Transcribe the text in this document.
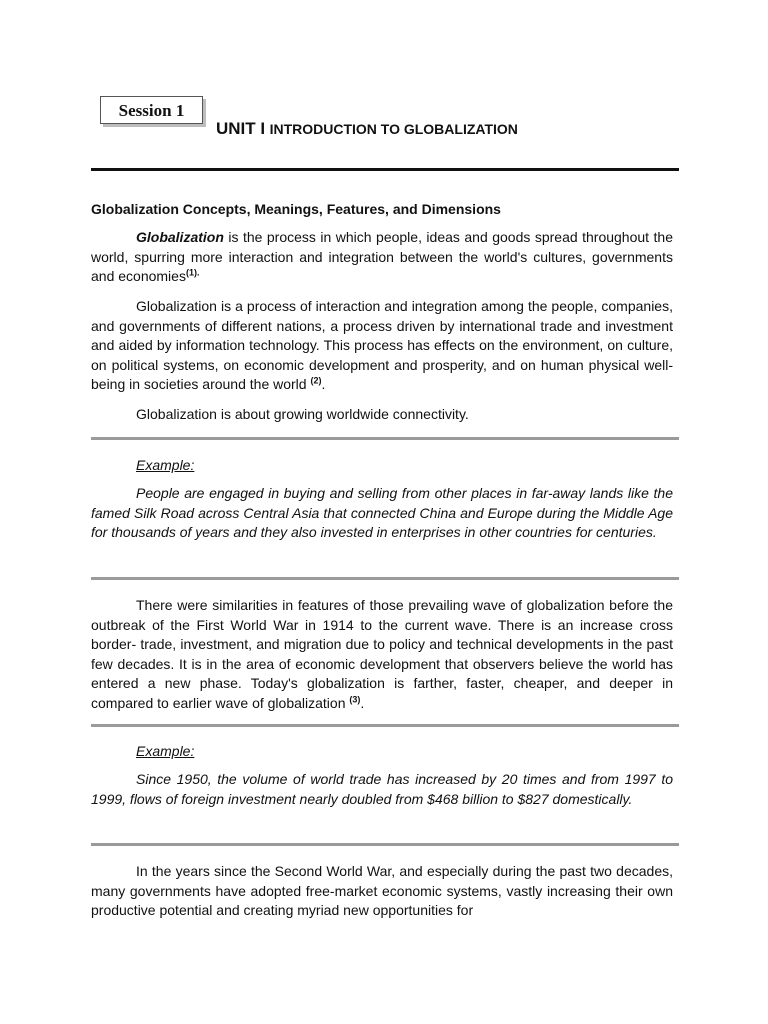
Session 1
UNIT I INTRODUCTION TO GLOBALIZATION
Globalization Concepts, Meanings, Features, and Dimensions

Globalization is the process in which people, ideas and goods spread throughout the world, spurring more interaction and integration between the world's cultures, governments and economies$^{(1).}$

Globalization is a process of interaction and integration among the people, companies, and governments of different nations, a process driven by international trade and investment and aided by information technology. This process has effects on the environment, on culture, on political systems, on economic development and prosperity, and on human physical well-being in societies around the world $^{(2)}$.

Globalization is about growing worldwide connectivity.

Example:

People are engaged in buying and selling from other places in far-away lands like the famed Silk Road across Central Asia that connected China and Europe during the Middle Age for thousands of years and they also invested in enterprises in other countries for centuries.

There were similarities in features of those prevailing wave of globalization before the outbreak of the First World War in 1914 to the current wave. There is an increase cross border- trade, investment, and migration due to policy and technical developments in the past few decades. It is in the area of economic development that observers believe the world has entered a new phase. Today's globalization is farther, faster, cheaper, and deeper in compared to earlier wave of globalization $^{(3)}$.

Example:

Since 1950, the volume of world trade has increased by 20 times and from 1997 to 1999, flows of foreign investment nearly doubled from $468 billion to $827 domestically.

In the years since the Second World War, and especially during the past two decades, many governments have adopted free-market economic systems, vastly increasing their own productive potential and creating myriad new opportunities for
